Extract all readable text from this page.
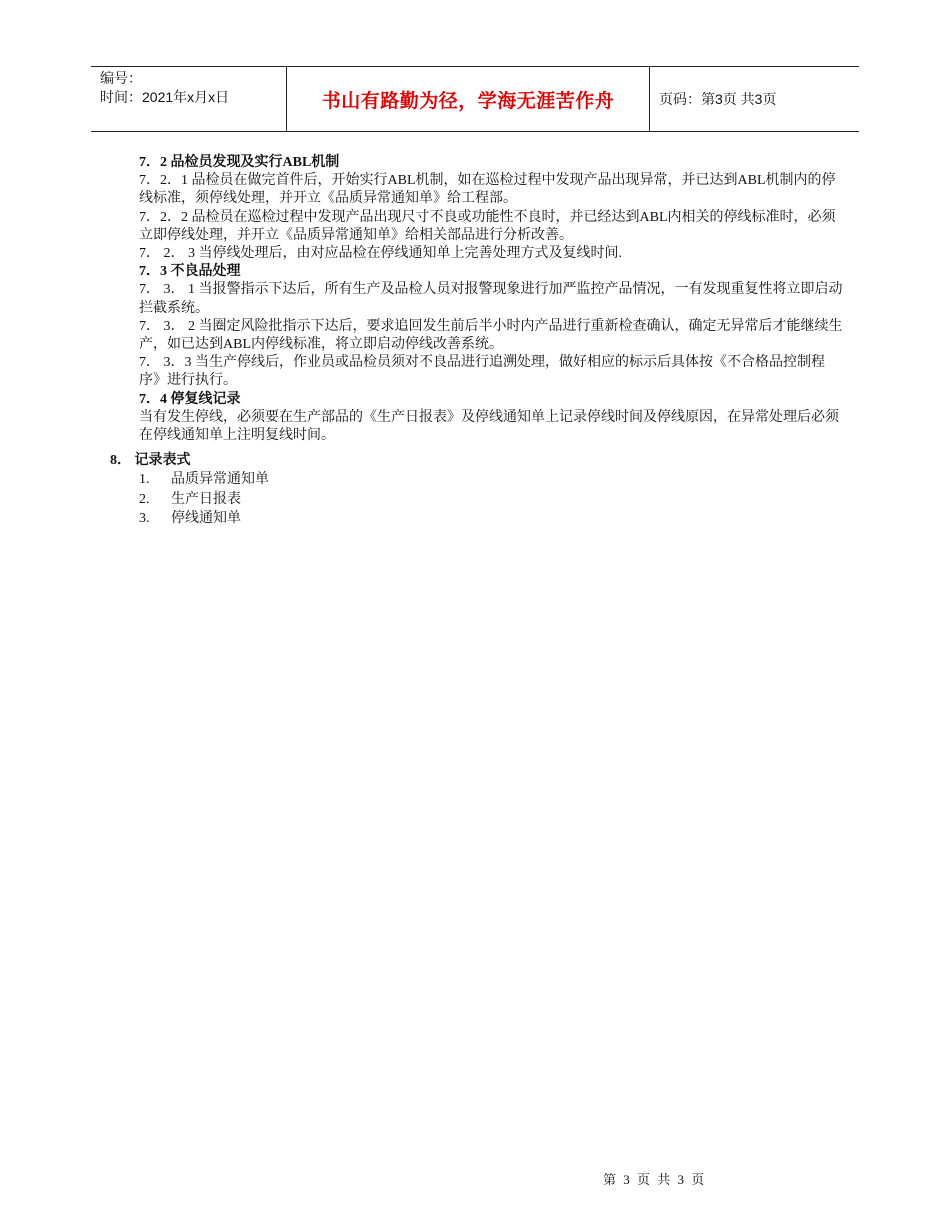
编号：
时间：2021年x月x日	书山有路勤为径，学海无涯苦作舟	页码：第3页 共3页

7．2 品检员发现及实行ABL机制

7．2．1 品检员在做完首件后，开始实行ABL机制，如在巡检过程中发现产品出现异常，并已达到ABL机制内的停线标准，须停线处理，并开立《品质异常通知单》给工程部。

7．2．2 品检员在巡检过程中发现产品出现尺寸不良或功能性不良时，并已经达到ABL内相关的停线标准时，必须立即停线处理，并开立《品质异常通知单》给相关部品进行分析改善。

7． 2． 3 当停线处理后，由对应品检在停线通知单上完善处理方式及复线时间.

7．3 不良品处理

7． 3． 1 当报警指示下达后，所有生产及品检人员对报警现象进行加严监控产品情况，一有发现重复性将立即启动拦截系统。

7． 3． 2 当圈定风险批指示下达后，要求追回发生前后半小时内产品进行重新检查确认，确定无异常后才能继续生产，如已达到ABL内停线标准，将立即启动停线改善系统。

7． 3．3 当生产停线后，作业员或品检员须对不良品进行追溯处理，做好相应的标示后具体按《不合格品控制程序》进行执行。

7．4 停复线记录

当有发生停线，必须要在生产部品的《生产日报表》及停线通知单上记录停线时间及停线原因，在异常处理后必须在停线通知单上注明复线时间。

8． 记录表式
1.	品质异常通知单
2.	生产日报表
3.	停线通知单
第 3 页 共 3 页
